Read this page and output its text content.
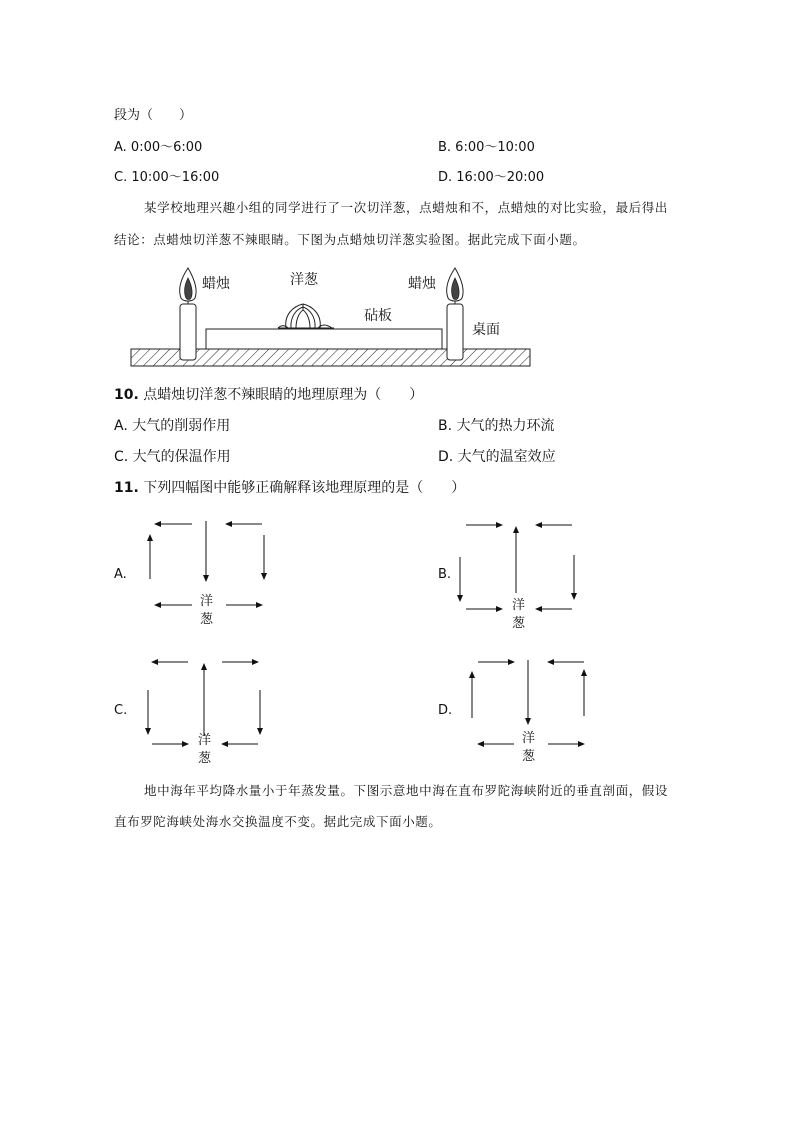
段为（　　）
A. 0:00～6:00	B. 6:00～10:00
C. 10:00～16:00	D. 16:00～20:00
某学校地理兴趣小组的同学进行了一次切洋葱，点蜡烛和不，点蜡烛的对比实验，最后得出
结论：点蜡烛切洋葱不辣眼睛。下图为点蜡烛切洋葱实验图。据此完成下面小题。
蜡烛	蜡烛
洋葱
砧板
桌面
10. 点蜡烛切洋葱不辣眼睛的地理原理为（　　）
A. 大气的削弱作用	B. 大气的热力环流
C. 大气的保温作用	D. 大气的温室效应
11. 下列四幅图中能够正确解释该地理原理的是（　　）
A.	B.
C.	D.
洋
葱
洋
葱
洋
葱
洋
葱
地中海年平均降水量小于年蒸发量。下图示意地中海在直布罗陀海峡附近的垂直剖面，假设
直布罗陀海峡处海水交换温度不变。据此完成下面小题。
